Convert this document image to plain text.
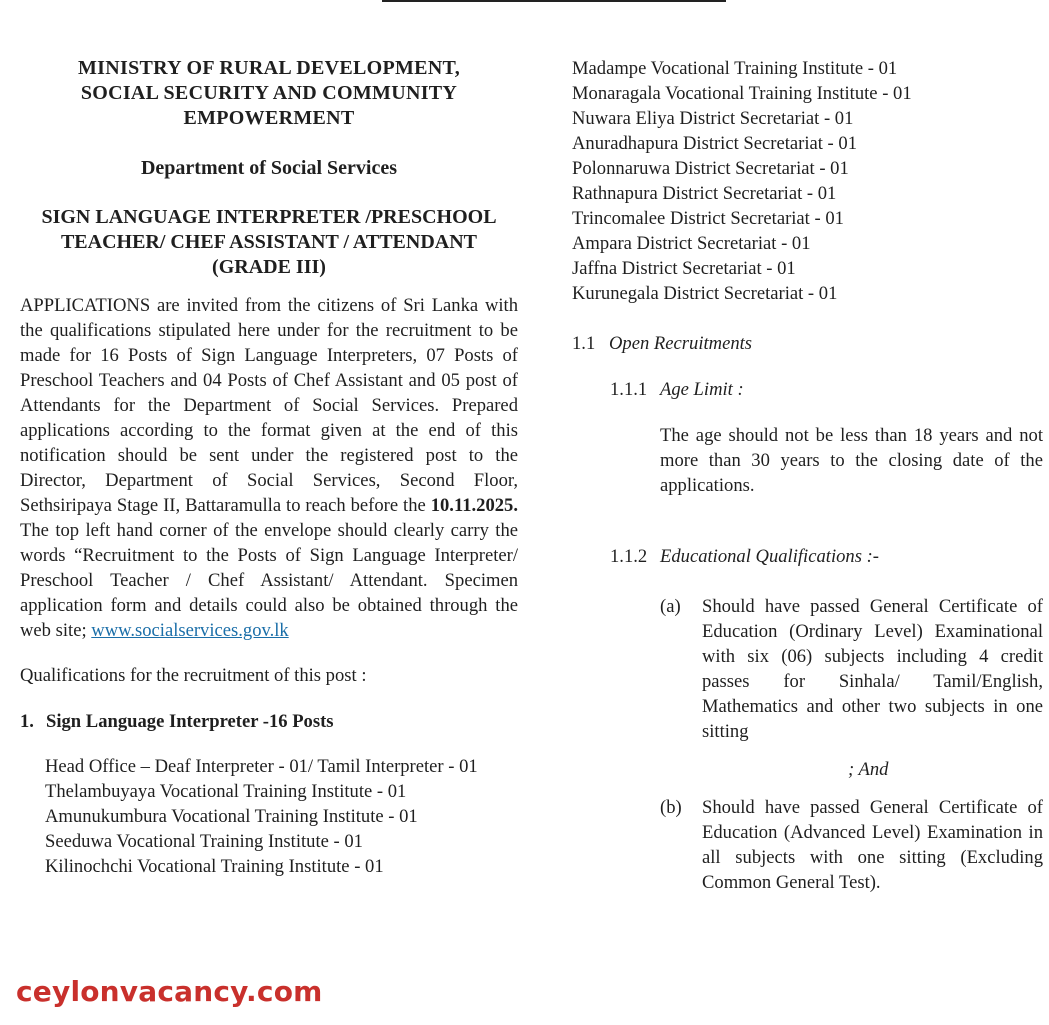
MINISTRY OF RURAL DEVELOPMENT,
SOCIAL SECURITY AND COMMUNITY
EMPOWERMENT
Department of Social Services
SIGN LANGUAGE INTERPRETER /PRESCHOOL
TEACHER/ CHEF ASSISTANT / ATTENDANT
(GRADE III)

APPLICATIONS are invited from the citizens of Sri Lanka with the qualifications stipulated here under for the recruitment to be made for 16 Posts of Sign Language Interpreters, 07 Posts of Preschool Teachers and 04 Posts of Chef Assistant and 05 post of Attendants for the Department of Social Services. Prepared applications according to the format given at the end of this notification should be sent under the registered post to the Director, Department of Social Services, Second Floor, Sethsiripaya Stage II, Battaramulla to reach before the 10.11.2025. The top left hand corner of the envelope should clearly carry the words “Recruitment to the Posts of Sign Language Interpreter/ Preschool Teacher / Chef Assistant/ Attendant. Specimen application form and details could also be obtained through the web site; www.socialservices.gov.lk

Qualifications for the recruitment of this post :

1. Sign Language Interpreter -16 Posts
Head Office – Deaf Interpreter - 01/ Tamil Interpreter - 01
Thelambuyaya Vocational Training Institute - 01
Amunukumbura Vocational Training Institute - 01
Seeduwa Vocational Training Institute - 01
Kilinochchi Vocational Training Institute - 01
Madampe Vocational Training Institute - 01
Monaragala Vocational Training Institute - 01
Nuwara Eliya District Secretariat - 01
Anuradhapura District Secretariat - 01
Polonnaruwa District Secretariat - 01
Rathnapura District Secretariat - 01
Trincomalee District Secretariat - 01
Ampara District Secretariat - 01
Jaffna District Secretariat - 01
Kurunegala District Secretariat - 01
1.1 Open Recruitments
1.1.1 Age Limit :

The age should not be less than 18 years and not more than 30 years to the closing date of the applications.

1.1.2 Educational Qualifications :-
(a)	Should have passed General Certificate of Education (Ordinary Level) Examinational with six (06) subjects including 4 credit passes for Sinhala/ Tamil/English, Mathematics and other two subjects in one sitting
; And
(b)	Should have passed General Certificate of Education (Advanced Level) Examination in all subjects with one sitting (Excluding Common General Test).
ceylonvacancy.com
